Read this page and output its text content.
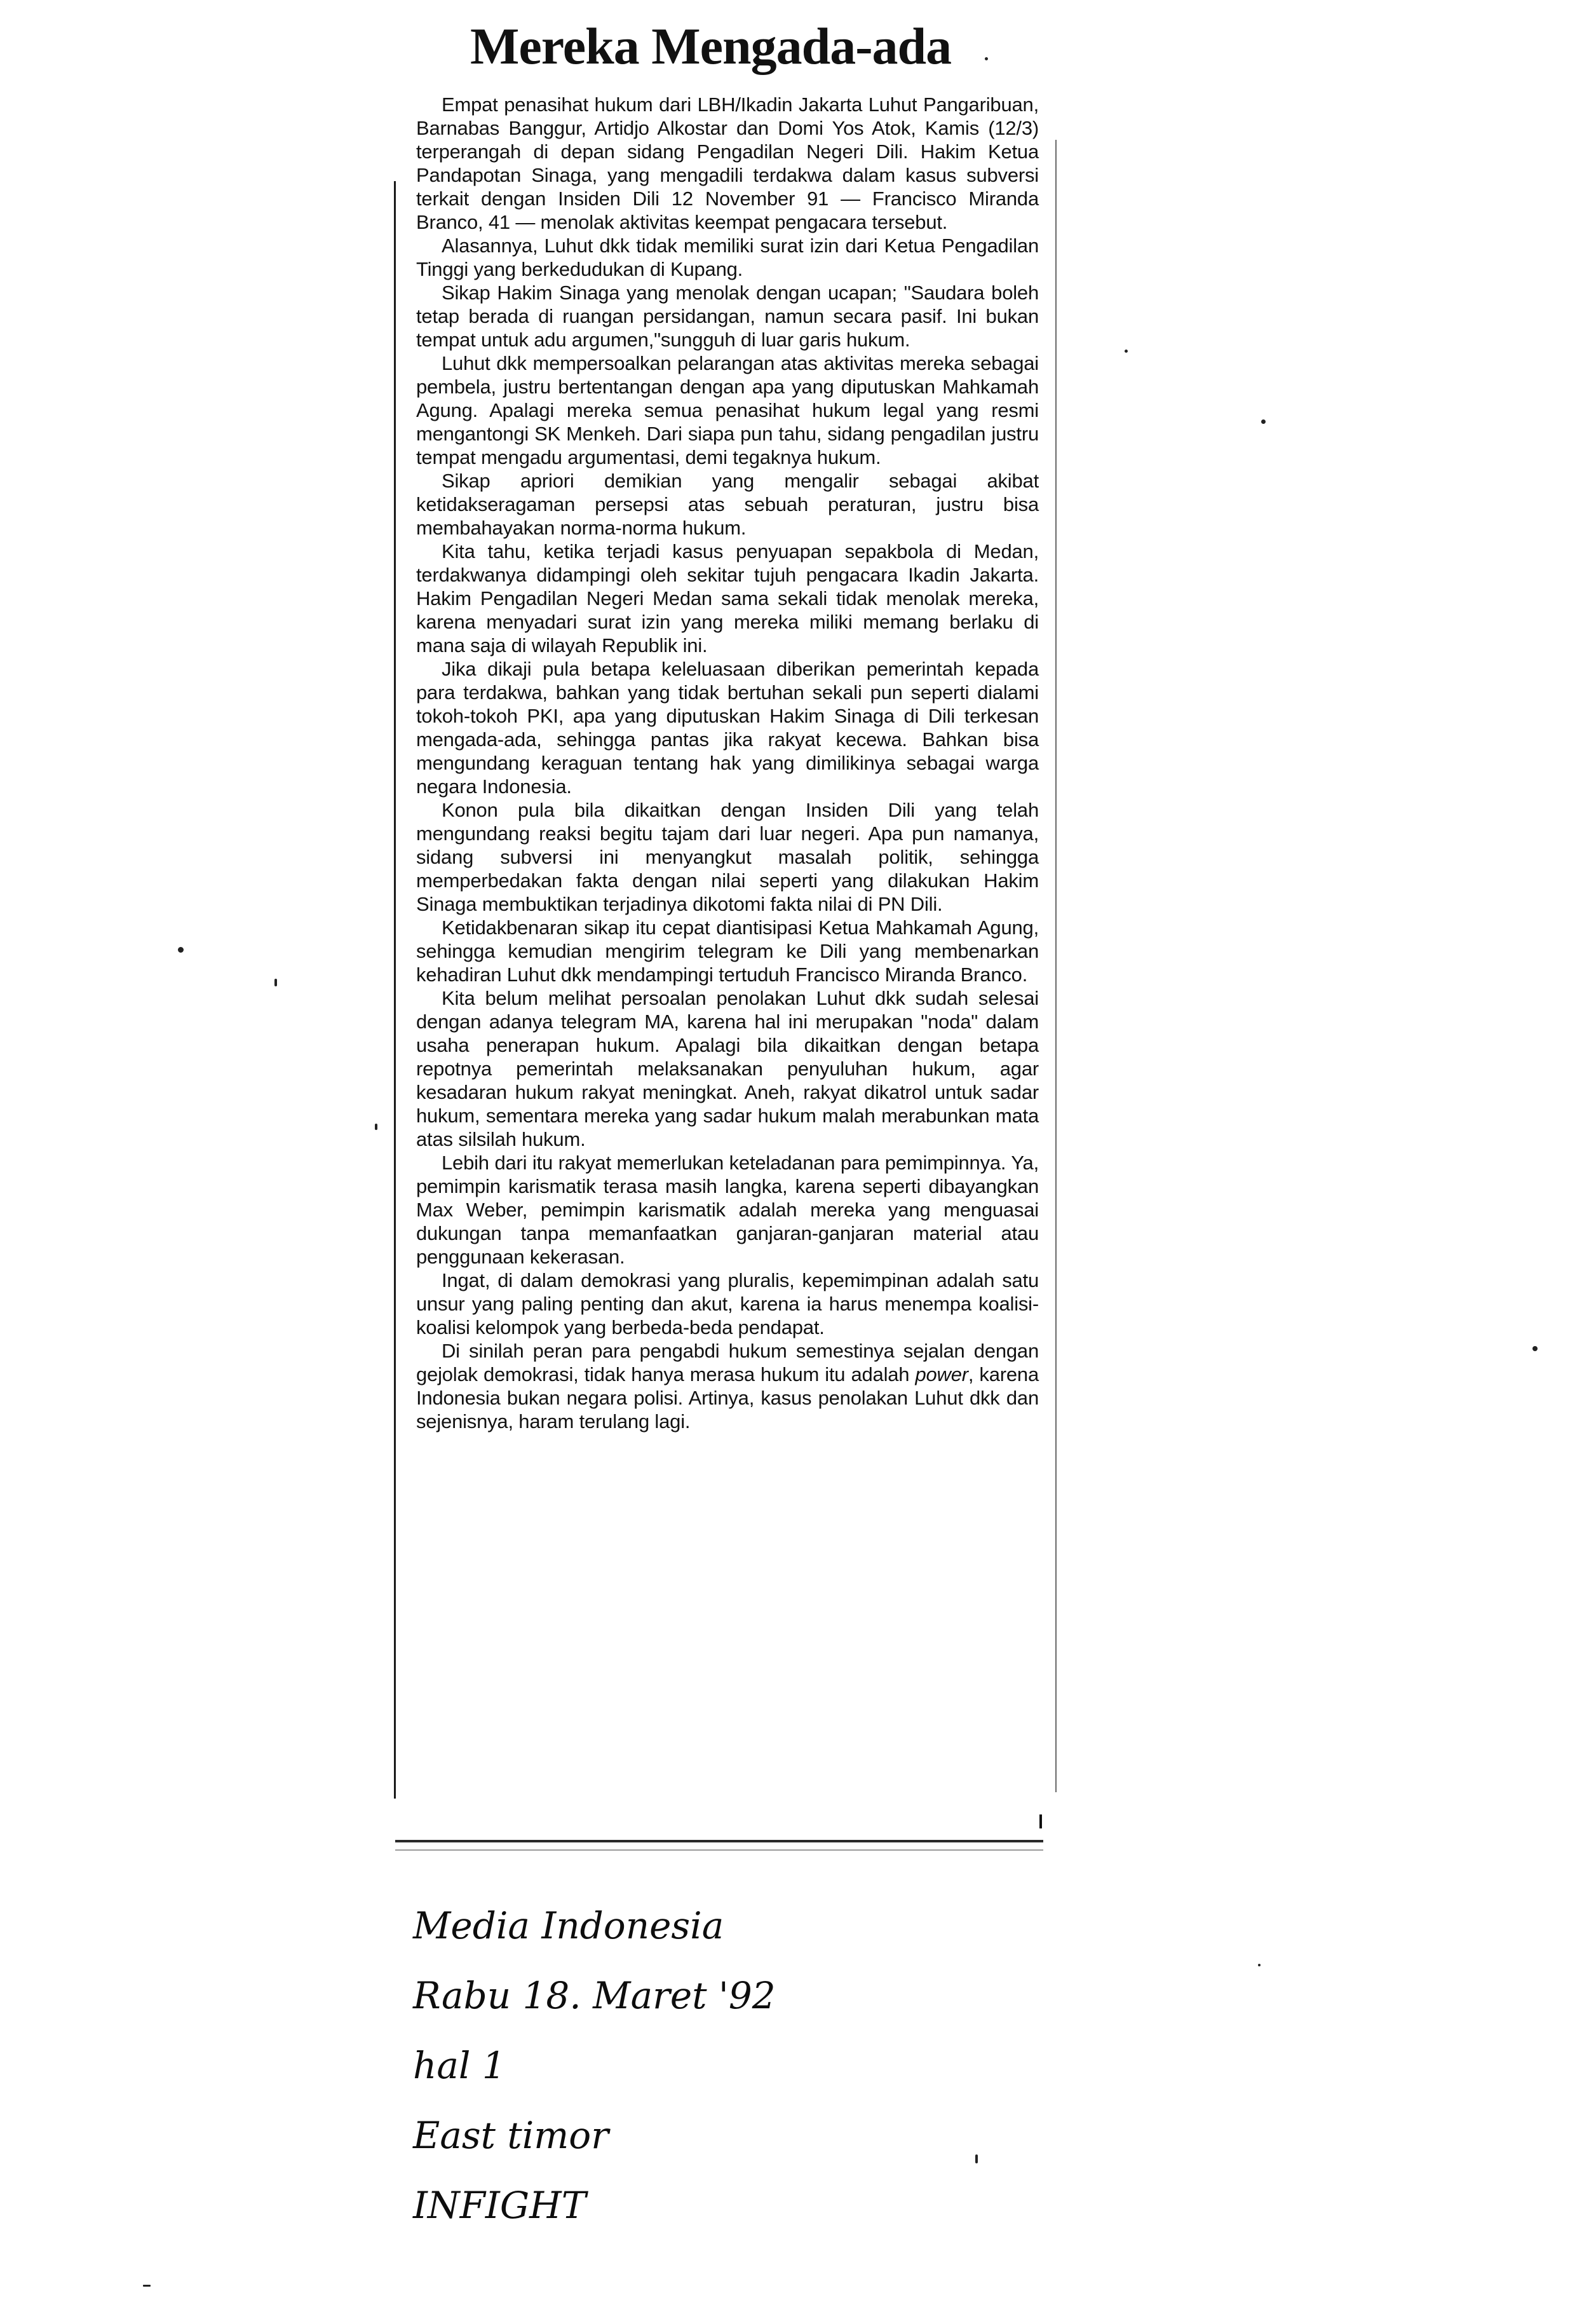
Mereka Mengada-ada

Empat penasihat hukum dari LBH/Ikadin Jakarta Luhut Pangaribuan, Barnabas Banggur, Artidjo Alkostar dan Domi Yos Atok, Kamis (12/3) terperangah di depan sidang Pengadilan Negeri Dili. Hakim Ketua Pandapotan Sinaga, yang mengadili terdakwa dalam kasus subversi terkait dengan Insiden Dili 12 November 91 — Francisco Miranda Branco, 41 — menolak aktivitas keempat pengacara tersebut.

Alasannya, Luhut dkk tidak memiliki surat izin dari Ketua Pengadilan Tinggi yang berkedudukan di Kupang.

Sikap Hakim Sinaga yang menolak dengan ucapan; "Saudara boleh tetap berada di ruangan persidangan, namun secara pasif. Ini bukan tempat untuk adu argumen,"sungguh di luar garis hukum.

Luhut dkk mempersoalkan pelarangan atas aktivitas mereka sebagai pembela, justru bertentangan dengan apa yang diputuskan Mahkamah Agung. Apalagi mereka semua penasihat hukum legal yang resmi mengantongi SK Menkeh. Dari siapa pun tahu, sidang pengadilan justru tempat mengadu argumentasi, demi tegaknya hukum.

Sikap apriori demikian yang mengalir sebagai akibat ketidakseragaman persepsi atas sebuah peraturan, justru bisa membahayakan norma-norma hukum.

Kita tahu, ketika terjadi kasus penyuapan sepakbola di Medan, terdakwanya didampingi oleh sekitar tujuh pengacara Ikadin Jakarta. Hakim Pengadilan Negeri Medan sama sekali tidak menolak mereka, karena menyadari surat izin yang mereka miliki memang berlaku di mana saja di wilayah Republik ini.

Jika dikaji pula betapa keleluasaan diberikan pemerintah kepada para terdakwa, bahkan yang tidak bertuhan sekali pun seperti dialami tokoh-tokoh PKI, apa yang diputuskan Hakim Sinaga di Dili terkesan mengada-ada, sehingga pantas jika rakyat kecewa. Bahkan bisa mengundang keraguan tentang hak yang dimilikinya sebagai warga negara Indonesia.

Konon pula bila dikaitkan dengan Insiden Dili yang telah mengundang reaksi begitu tajam dari luar negeri. Apa pun namanya, sidang subversi ini menyangkut masalah politik, sehingga memperbedakan fakta dengan nilai seperti yang dilakukan Hakim Sinaga membuktikan terjadinya dikotomi fakta nilai di PN Dili.

Ketidakbenaran sikap itu cepat diantisipasi Ketua Mahkamah Agung, sehingga kemudian mengirim telegram ke Dili yang membenarkan kehadiran Luhut dkk mendampingi tertuduh Francisco Miranda Branco.

Kita belum melihat persoalan penolakan Luhut dkk sudah selesai dengan adanya telegram MA, karena hal ini merupakan "noda" dalam usaha penerapan hukum. Apalagi bila dikaitkan dengan betapa repotnya pemerintah melaksanakan penyuluhan hukum, agar kesadaran hukum rakyat meningkat. Aneh, rakyat dikatrol untuk sadar hukum, sementara mereka yang sadar hukum malah merabunkan mata atas silsilah hukum.

Lebih dari itu rakyat memerlukan keteladanan para pemimpinnya. Ya, pemimpin karismatik terasa masih langka, karena seperti dibayangkan Max Weber, pemimpin karismatik adalah mereka yang menguasai dukungan tanpa memanfaatkan ganjaran-ganjaran material atau penggunaan kekerasan.

Ingat, di dalam demokrasi yang pluralis, kepemimpinan adalah satu unsur yang paling penting dan akut, karena ia harus menempa koalisi-koalisi kelompok yang berbeda-beda pendapat.

Di sinilah peran para pengabdi hukum semestinya sejalan dengan gejolak demokrasi, tidak hanya merasa hukum itu adalah power, karena Indonesia bukan negara polisi. Artinya, kasus penolakan Luhut dkk dan sejenisnya, haram terulang lagi.

Media Indonesia
Rabu 18. Maret '92
hal 1
East timor
INFIGHT
